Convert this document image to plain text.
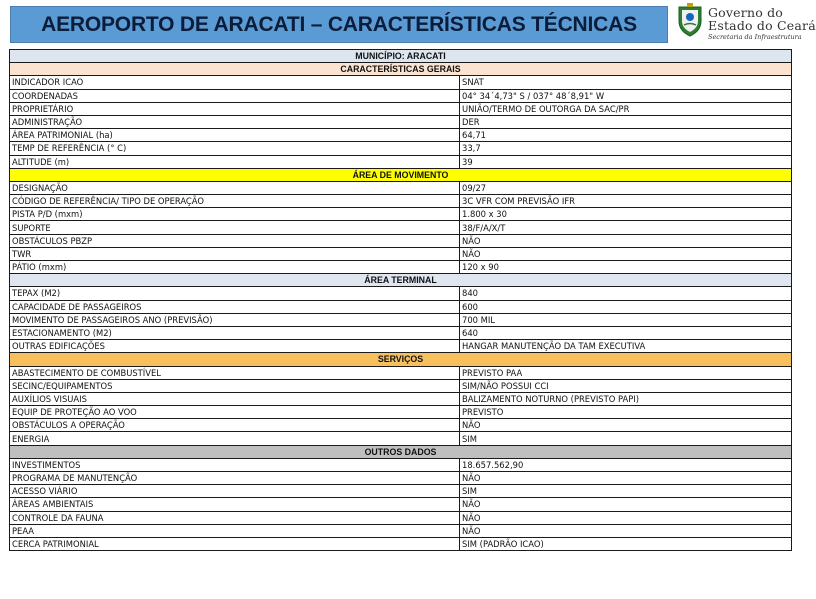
AEROPORTO DE ARACATI – CARACTERÍSTICAS TÉCNICAS	Governo do
Estado do Ceará
Secretaria da Infraestrutura
MUNICÍPIO: ARACATI	
CARACTERÍSTICAS GERAIS	
INDICADOR ICAO	SNAT
COORDENADAS	04° 34´4,73" S / 037° 48´8,91" W
PROPRIETÁRIO	UNIÃO/TERMO DE OUTORGA DA SAC/PR
ADMINISTRAÇÃO	DER
ÁREA PATRIMONIAL (ha)	64,71
TEMP DE REFERÊNCIA (° C)	33,7
ALTITUDE (m)	39
ÁREA DE MOVIMENTO	
DESIGNAÇÃO	09/27
CÓDIGO DE REFERÊNCIA/ TIPO DE OPERAÇÃO	3C VFR COM PREVISÃO IFR
PISTA P/D (mxm)	1.800 x 30
SUPORTE	38/F/A/X/T
OBSTÁCULOS PBZP	NÃO
TWR	NÃO
PÁTIO (mxm)	120 x 90
ÁREA TERMINAL	
TEPAX (M2)	840
CAPACIDADE DE PASSAGEIROS	600
MOVIMENTO DE PASSAGEIROS ANO (PREVISÃO)	700 MIL
ESTACIONAMENTO (M2)	640
OUTRAS EDIFICAÇÕES	HANGAR MANUTENÇÃO DA TAM EXECUTIVA
SERVIÇOS	
ABASTECIMENTO DE COMBUSTÍVEL	PREVISTO PAA
SECINC/EQUIPAMENTOS	SIM/NÃO POSSUI CCI
AUXÍLIOS VISUAIS	BALIZAMENTO NOTURNO (PREVISTO PAPI)
EQUIP DE PROTEÇÃO AO VOO	PREVISTO
OBSTÁCULOS A OPERAÇÃO	NÃO
ENERGIA	SIM
OUTROS DADOS	
INVESTIMENTOS	18.657.562,90
PROGRAMA DE MANUTENÇÃO	NÃO
ACESSO VIÁRIO	SIM
ÁREAS AMBIENTAIS	NÃO
CONTROLE DA FAUNA	NÃO
PEAA	NÃO
CERCA PATRIMONIAL	SIM (PADRÃO ICAO)
